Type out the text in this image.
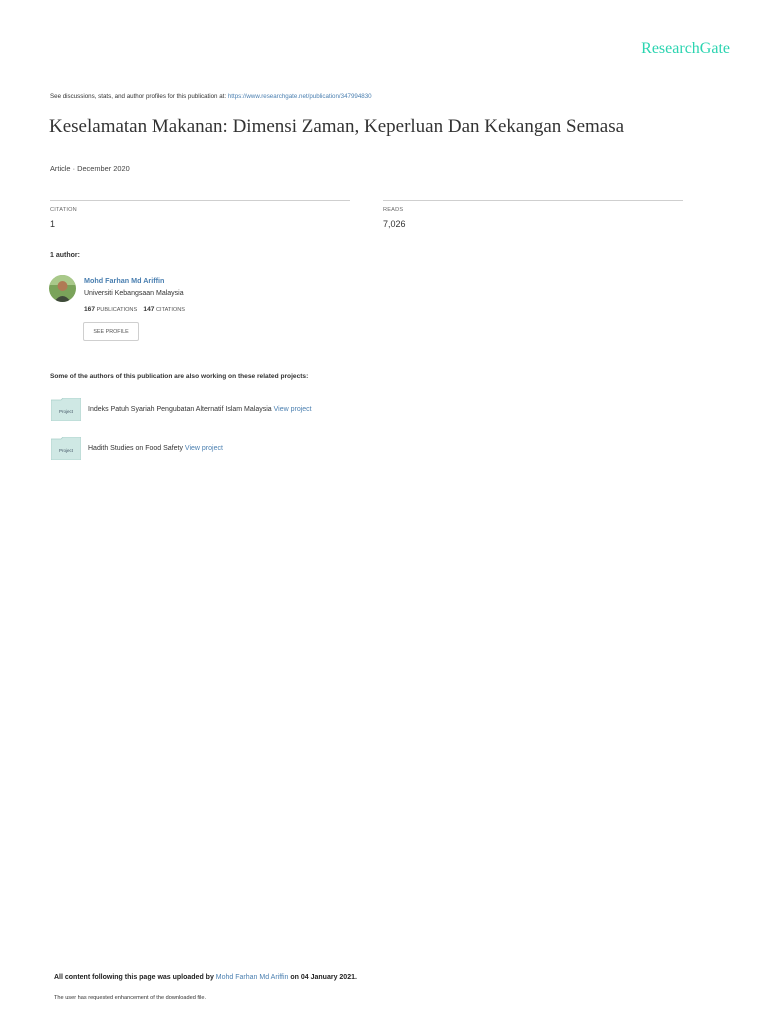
ResearchGate
See discussions, stats, and author profiles for this publication at: https://www.researchgate.net/publication/347994830
Keselamatan Makanan: Dimensi Zaman, Keperluan Dan Kekangan Semasa
Article · December 2020
CITATION
1
READS
7,026
1 author:
Mohd Farhan Md Ariffin
Universiti Kebangsaan Malaysia
167 PUBLICATIONS 147 CITATIONS
SEE PROFILE
Some of the authors of this publication are also working on these related projects:
Project Indeks Patuh Syariah Pengubatan Alternatif Islam Malaysia View project
Project Hadith Studies on Food Safety View project
All content following this page was uploaded by Mohd Farhan Md Ariffin on 04 January 2021.
The user has requested enhancement of the downloaded file.
